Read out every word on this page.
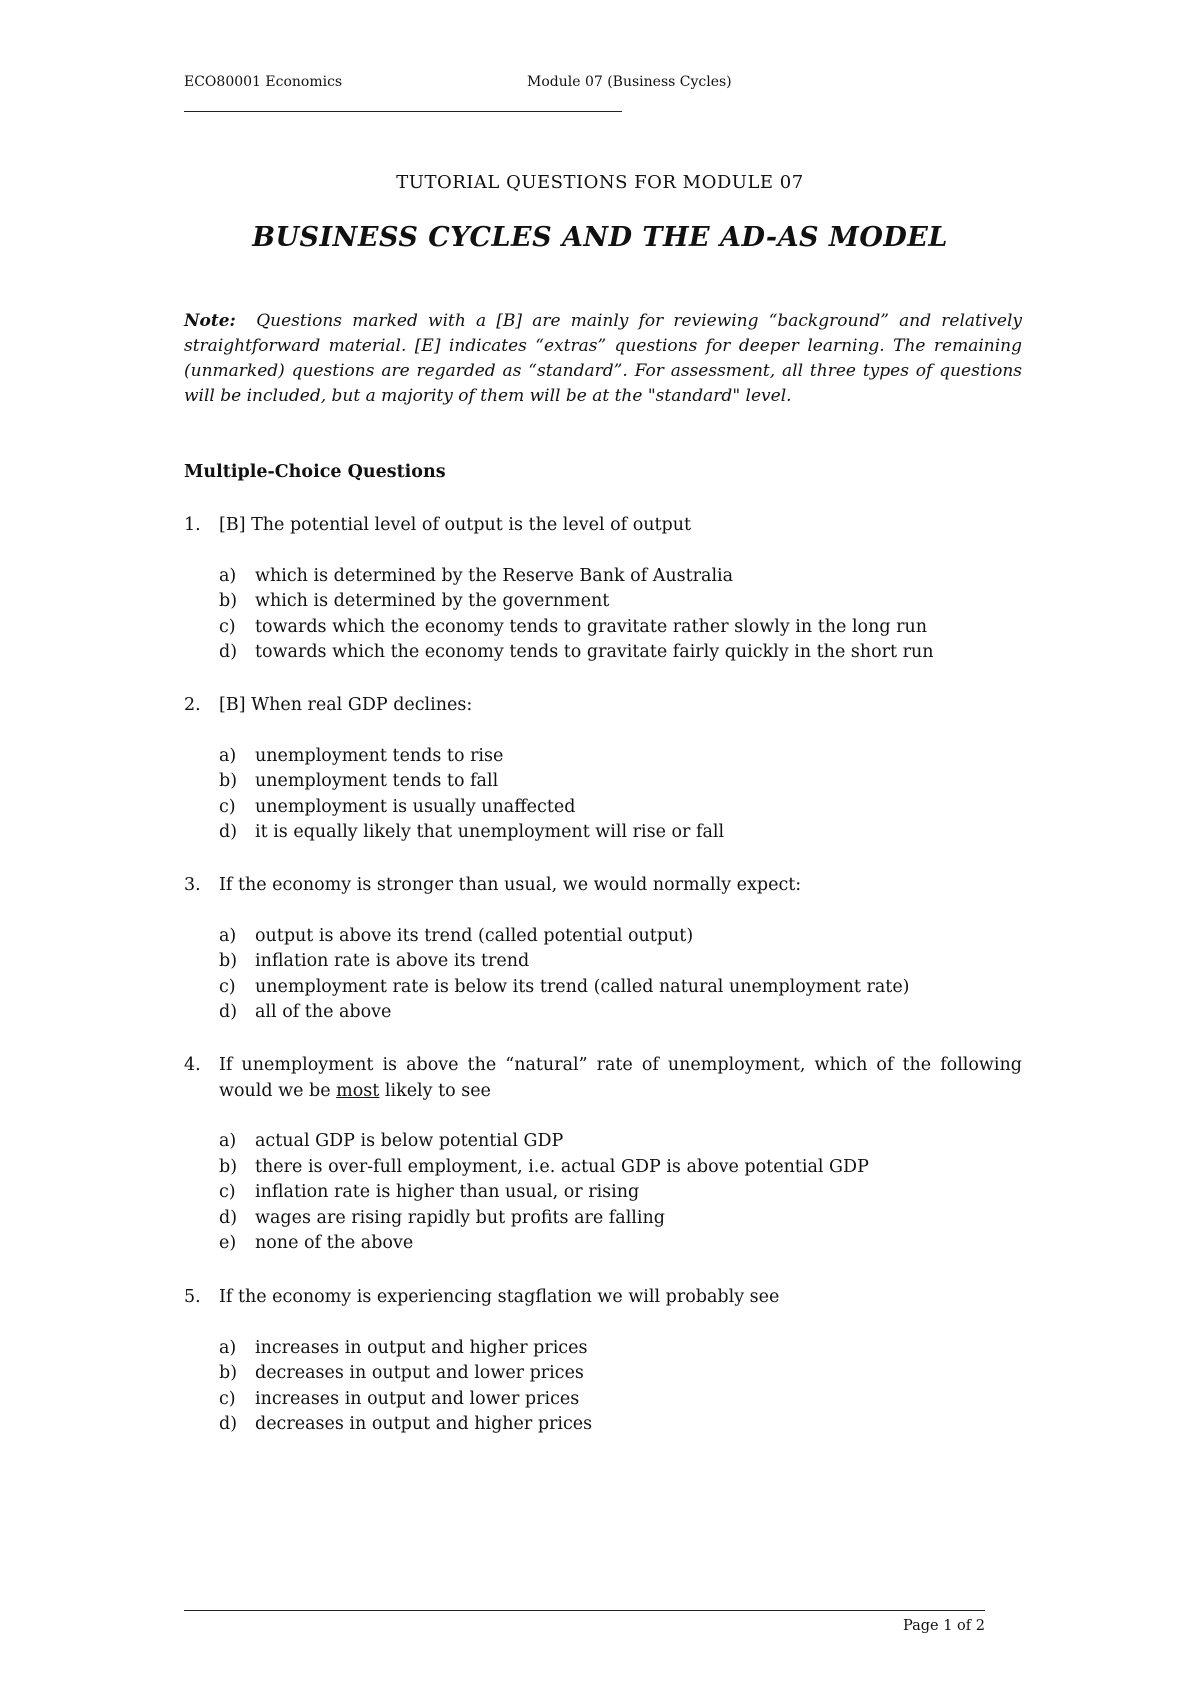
ECO80001 Economics	Module 07 (Business Cycles)
TUTORIAL QUESTIONS FOR MODULE 07
BUSINESS CYCLES AND THE AD-AS MODEL
Note: Questions marked with a [B] are mainly for reviewing “background” and relatively straightforward material. [E] indicates “extras” questions for deeper learning. The remaining (unmarked) questions are regarded as “standard”. For assessment, all three types of questions will be included, but a majority of them will be at the "standard" level.
Multiple-Choice Questions
1. [B] The potential level of output is the level of output
a) which is determined by the Reserve Bank of Australia
b) which is determined by the government
c) towards which the economy tends to gravitate rather slowly in the long run
d) towards which the economy tends to gravitate fairly quickly in the short run
2. [B] When real GDP declines:
a) unemployment tends to rise
b) unemployment tends to fall
c) unemployment is usually unaffected
d) it is equally likely that unemployment will rise or fall
3. If the economy is stronger than usual, we would normally expect:
a) output is above its trend (called potential output)
b) inflation rate is above its trend
c) unemployment rate is below its trend (called natural unemployment rate)
d) all of the above
4. If unemployment is above the “natural” rate of unemployment, which of the following would we be most likely to see
a) actual GDP is below potential GDP
b) there is over-full employment, i.e. actual GDP is above potential GDP
c) inflation rate is higher than usual, or rising
d) wages are rising rapidly but profits are falling
e) none of the above
5. If the economy is experiencing stagflation we will probably see
a) increases in output and higher prices
b) decreases in output and lower prices
c) increases in output and lower prices
d) decreases in output and higher prices
Page 1 of 2
